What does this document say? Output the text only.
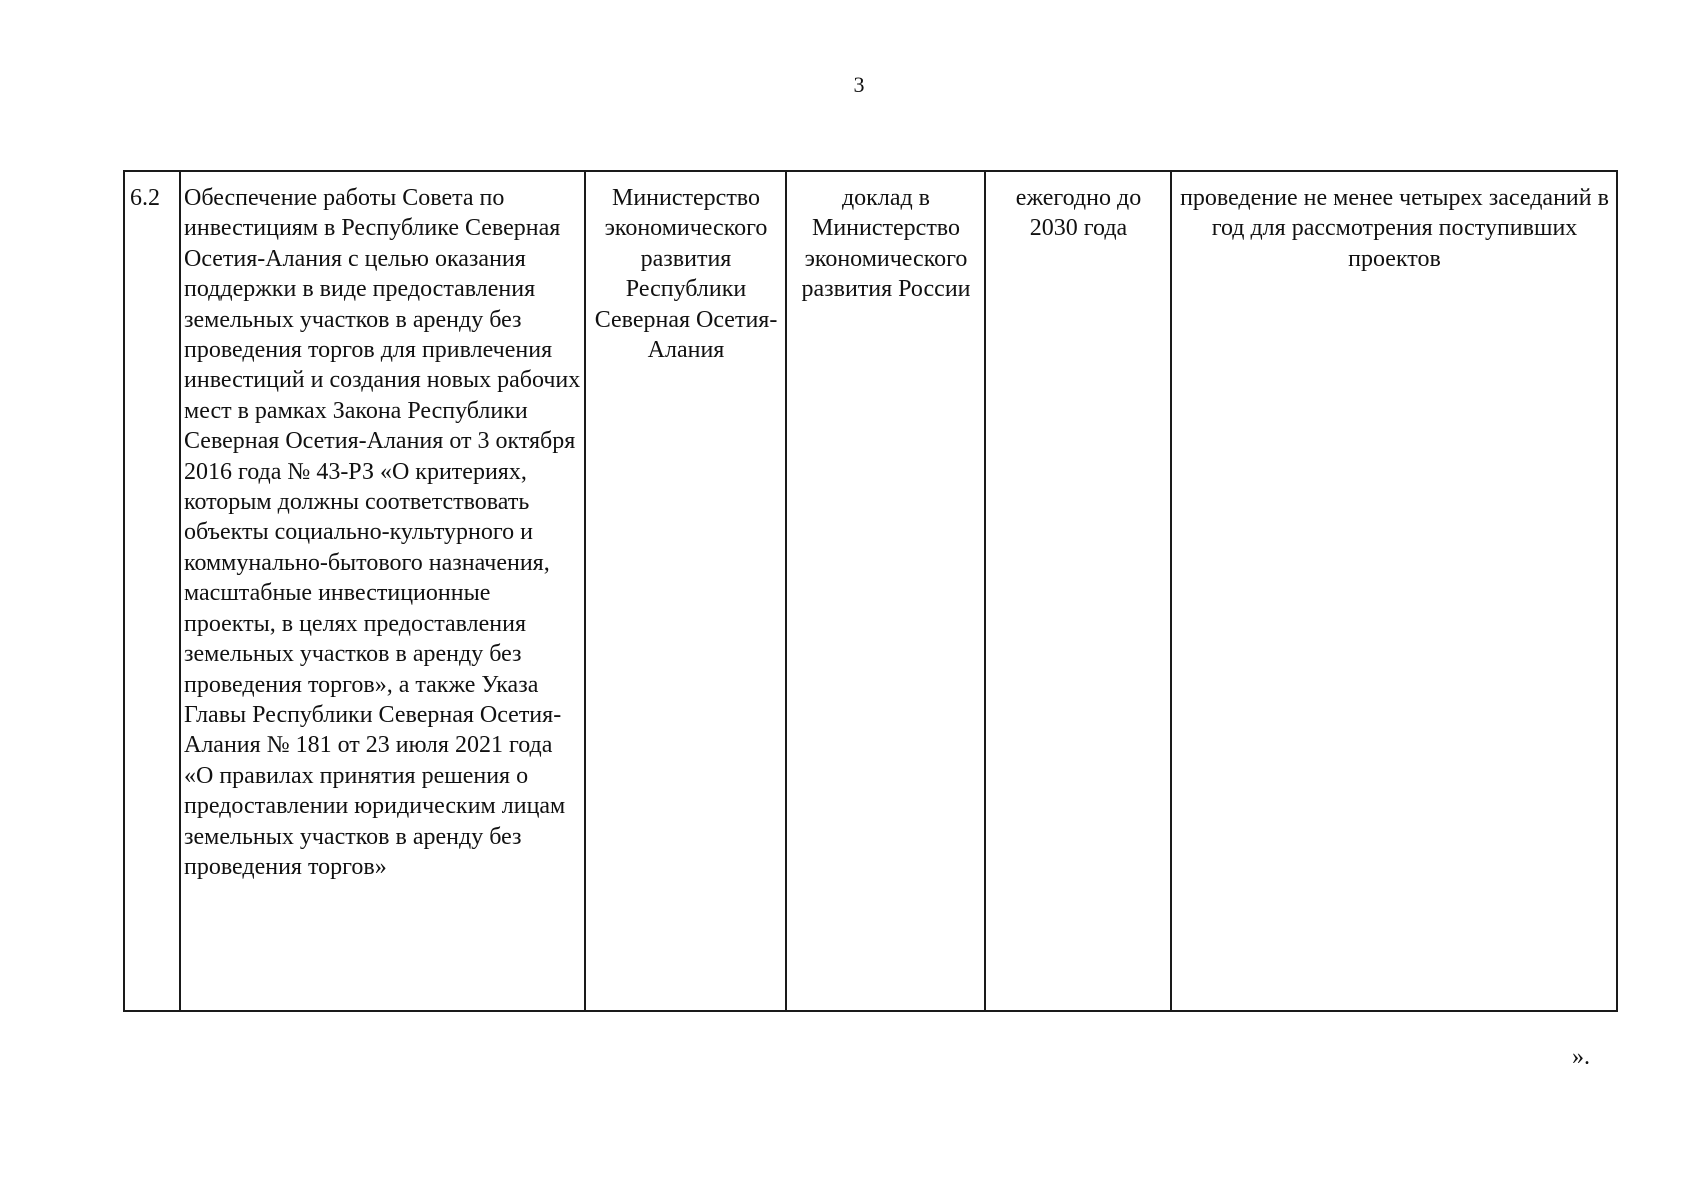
3
6.2	Обеспечение работы Совета по инвестициям в Республике Северная Осетия-Алания с целью оказания поддержки в виде предоставления земельных участков в аренду без проведения торгов для привлечения инвестиций и создания новых рабочих мест в рамках Закона Республики Северная Осетия-Алания от 3 октября 2016 года № 43-РЗ «О критериях, которым должны соответствовать объекты социально-культурного и коммунально-бытового назначения, масштабные инвестиционные проекты, в целях предоставления земельных участков в аренду без проведения торгов», а также Указа Главы Республики Северная Осетия-Алания № 181 от 23 июля 2021 года «О правилах принятия решения о предоставлении юридическим лицам земельных участков в аренду без проведения торгов»	Министерство экономического развития Республики Северная Осетия-Алания	доклад в Министерство экономического развития России	ежегодно до 2030 года	проведение не менее четырех заседаний в год для рассмотрения поступивших проектов
».
